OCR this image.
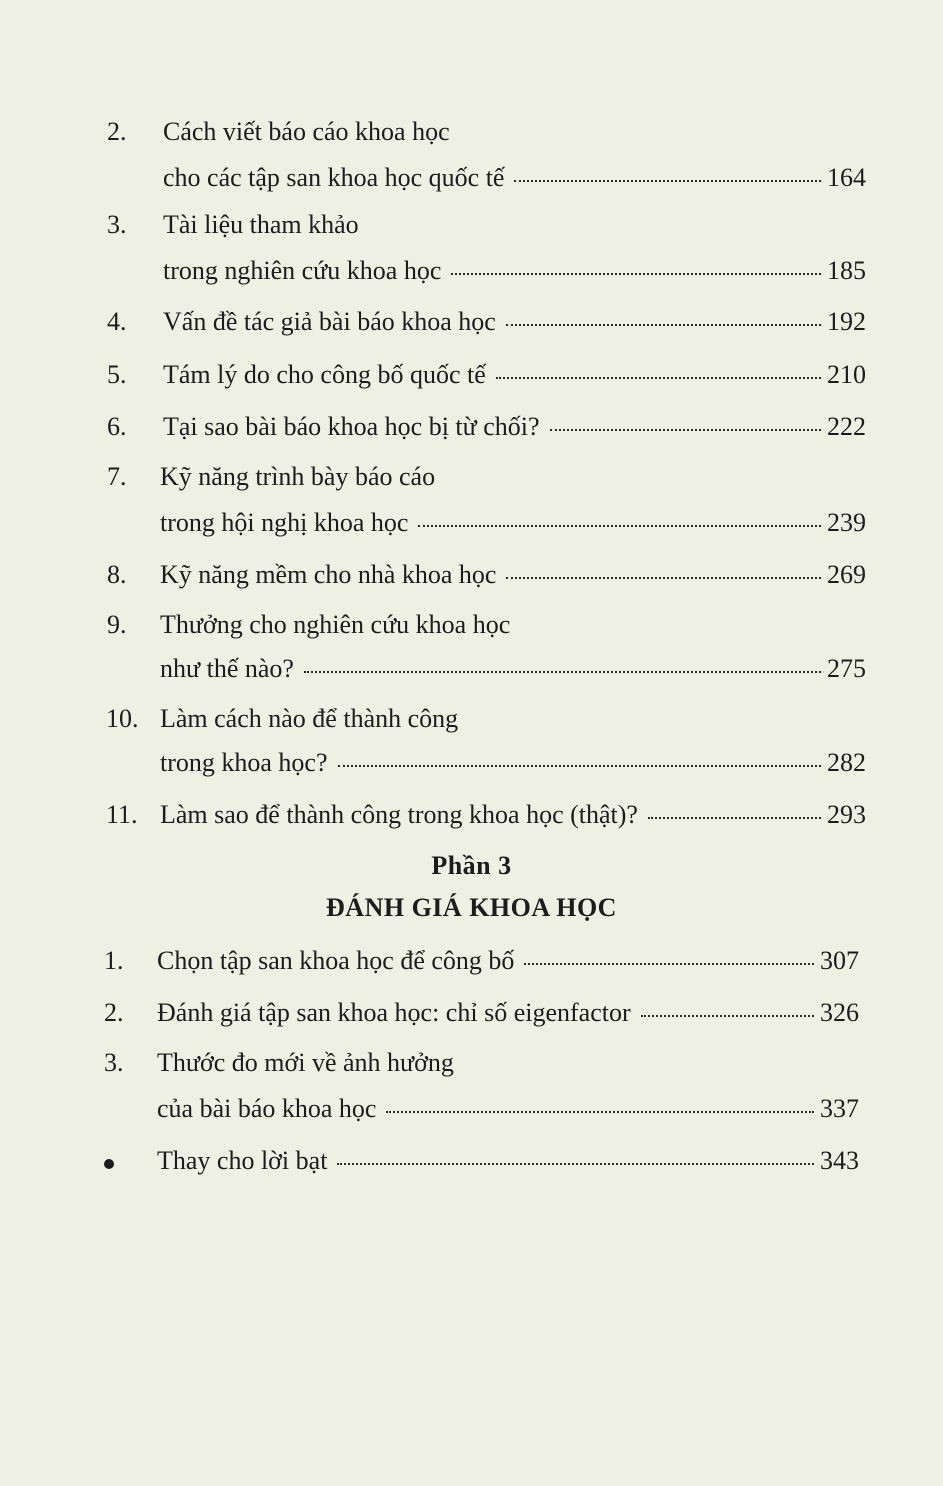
2. Cách viết báo cáo khoa học
cho các tập san khoa học quốc tế	164
3. Tài liệu tham khảo
trong nghiên cứu khoa học	185
4. Vấn đề tác giả bài báo khoa học	192
5. Tám lý do cho công bố quốc tế	210
6. Tại sao bài báo khoa học bị từ chối?	222
7. Kỹ năng trình bày báo cáo
trong hội nghị khoa học	239
8. Kỹ năng mềm cho nhà khoa học	269
9. Thưởng cho nghiên cứu khoa học
như thế nào?	275
10. Làm cách nào để thành công
trong khoa học?	282
11. Làm sao để thành công trong khoa học (thật)?	293
Phần 3
ĐÁNH GIÁ KHOA HỌC
1. Chọn tập san khoa học để công bố	307
2. Đánh giá tập san khoa học: chỉ số eigenfactor	326
3. Thước đo mới về ảnh hưởng
của bài báo khoa học	337
Thay cho lời bạt	343
